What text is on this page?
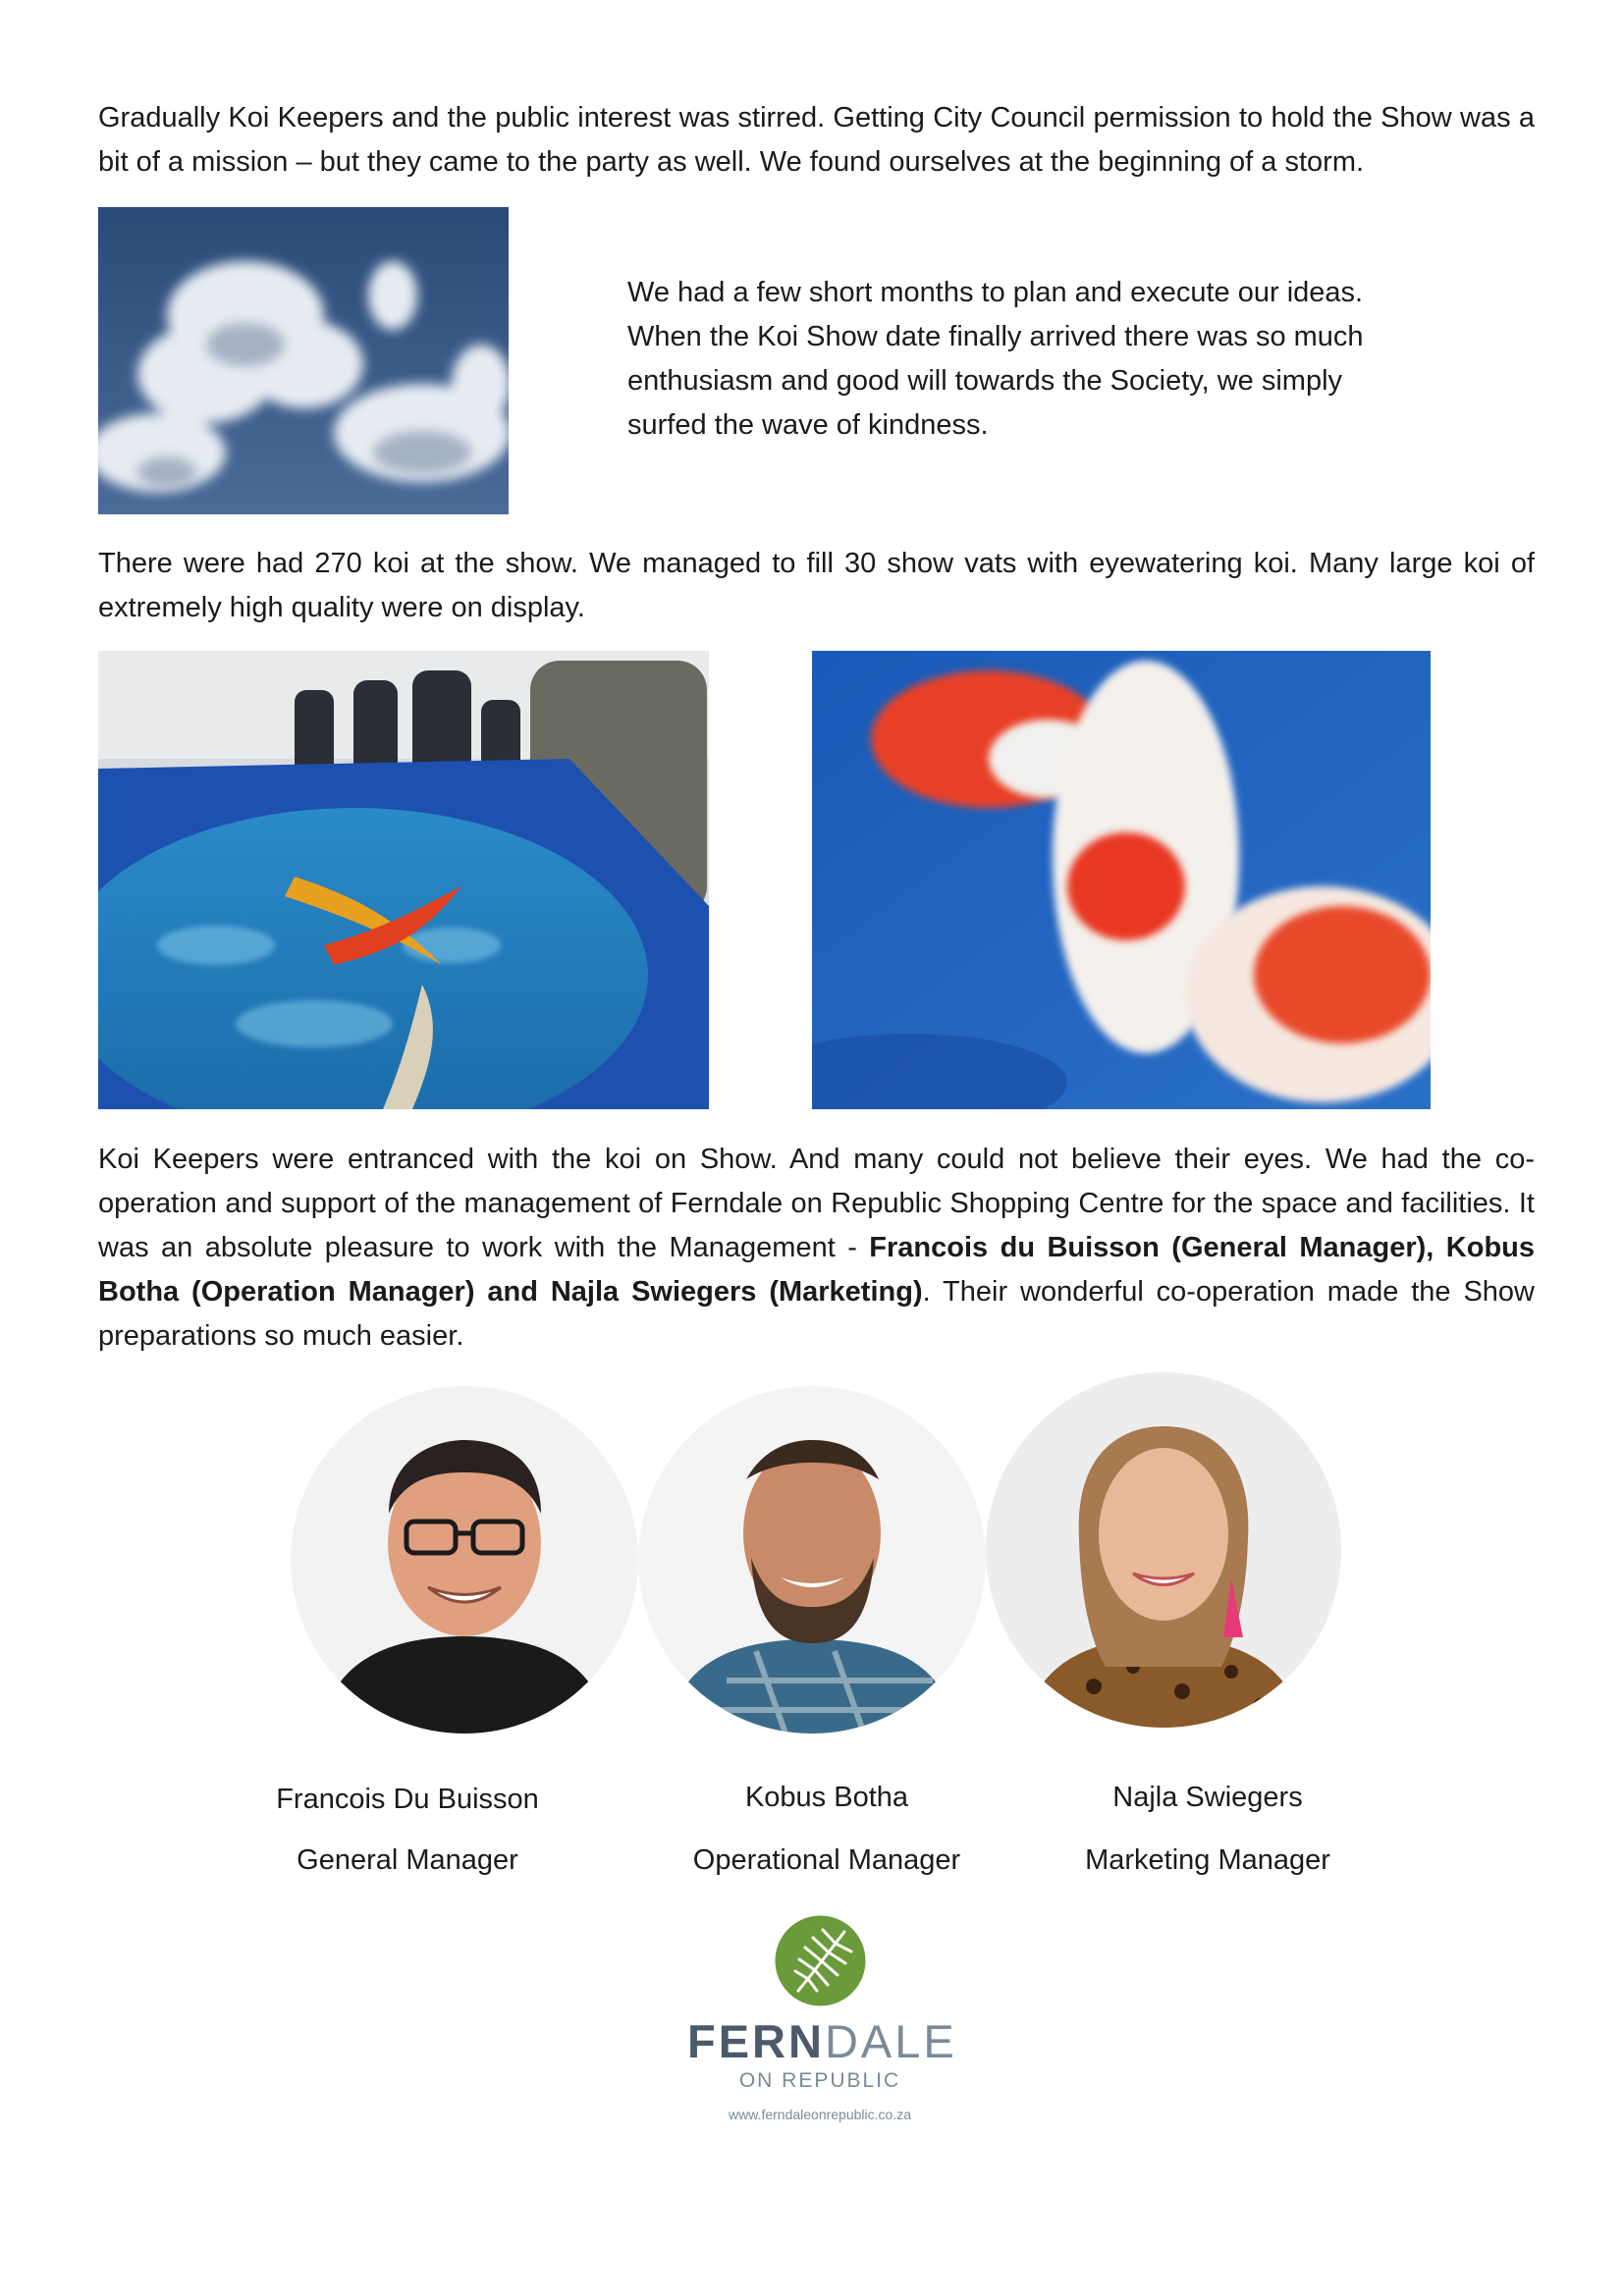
Gradually Koi Keepers and the public interest was stirred. Getting City Council permission to hold the Show was a bit of a mission – but they came to the party as well. We found ourselves at the beginning of a storm.

We had a few short months to plan and execute our ideas. When the Koi Show date finally arrived there was so much enthusiasm and good will towards the Society, we simply surfed the wave of kindness.

There were had 270 koi at the show. We managed to fill 30 show vats with eyewatering koi. Many large koi of extremely high quality were on display.

Koi Keepers were entranced with the koi on Show. And many could not believe their eyes. We had the co-operation and support of the management of Ferndale on Republic Shopping Centre for the space and facilities. It was an absolute pleasure to work with the Management - Francois du Buisson (General Manager), Kobus Botha (Operation Manager) and Najla Swiegers (Marketing). Their wonderful co-operation made the Show preparations so much easier.

Francois Du Buisson
General Manager
Kobus Botha
Operational Manager
Najla Swiegers
Marketing Manager
FERNDALE
ON REPUBLIC
www.ferndaleonrepublic.co.za
